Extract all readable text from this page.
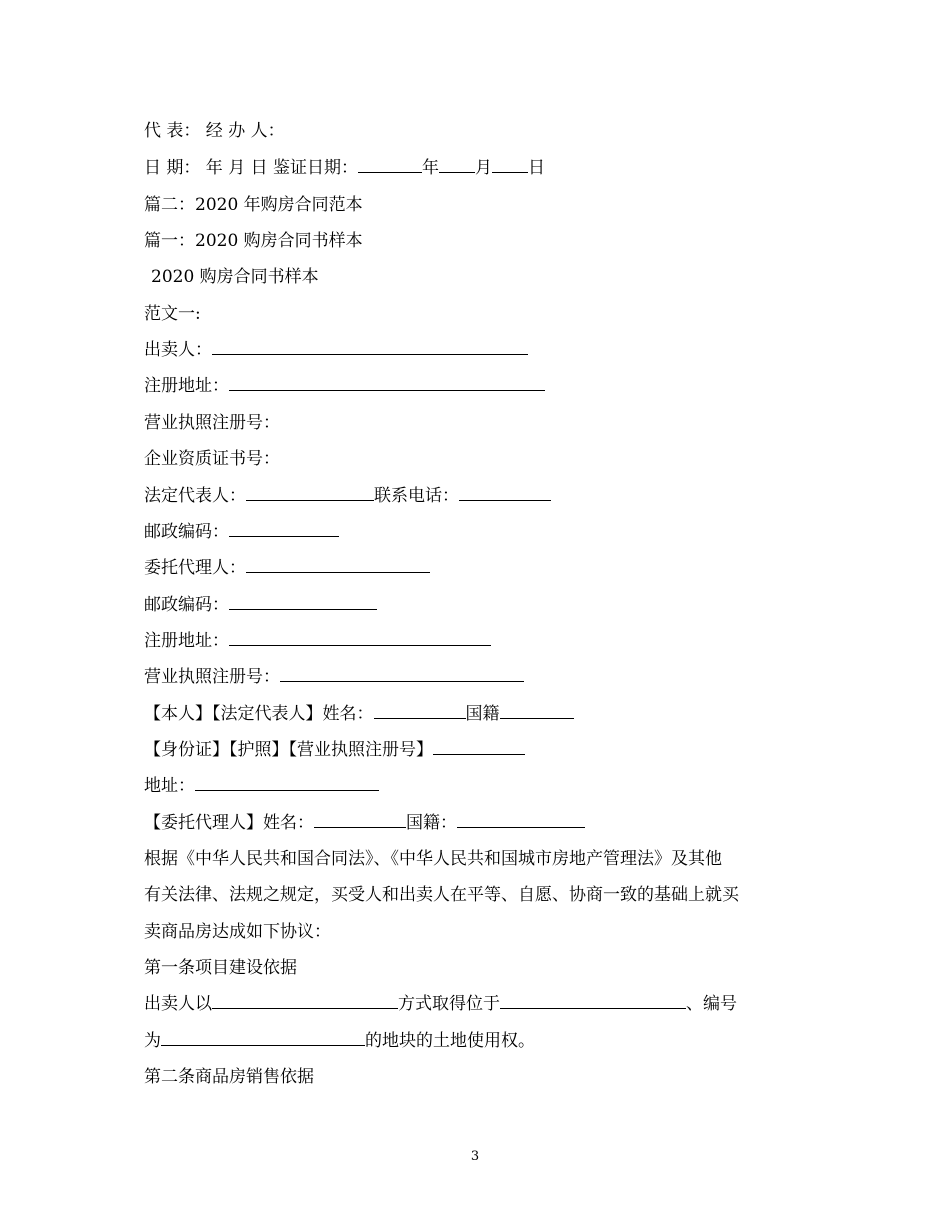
代 表： 经 办 人：
日 期： 年 月 日 鉴证日期：	年 月 日
篇二：2020 年购房合同范本
篇一：2020 购房合同书样本
2020 购房合同书样本
范文一:
出卖人：
注册地址：
营业执照注册号：
企业资质证书号：
法定代表人：	联系电话：
邮政编码：
委托代理人：
邮政编码：
注册地址：
营业执照注册号：
【本人】【法定代表人】姓名：	国籍
【身份证】【护照】【营业执照注册号】
地址：
【委托代理人】姓名：	国籍：
根据《中华人民共和国合同法》、《中华人民共和国城市房地产管理法》及其他
有关法律、法规之规定，买受人和出卖人在平等、自愿、协商一致的基础上就买
卖商品房达成如下协议：
第一条项目建设依据
出卖人以	方式取得位于	、编号
为	的地块的土地使用权。
第二条商品房销售依据
3
